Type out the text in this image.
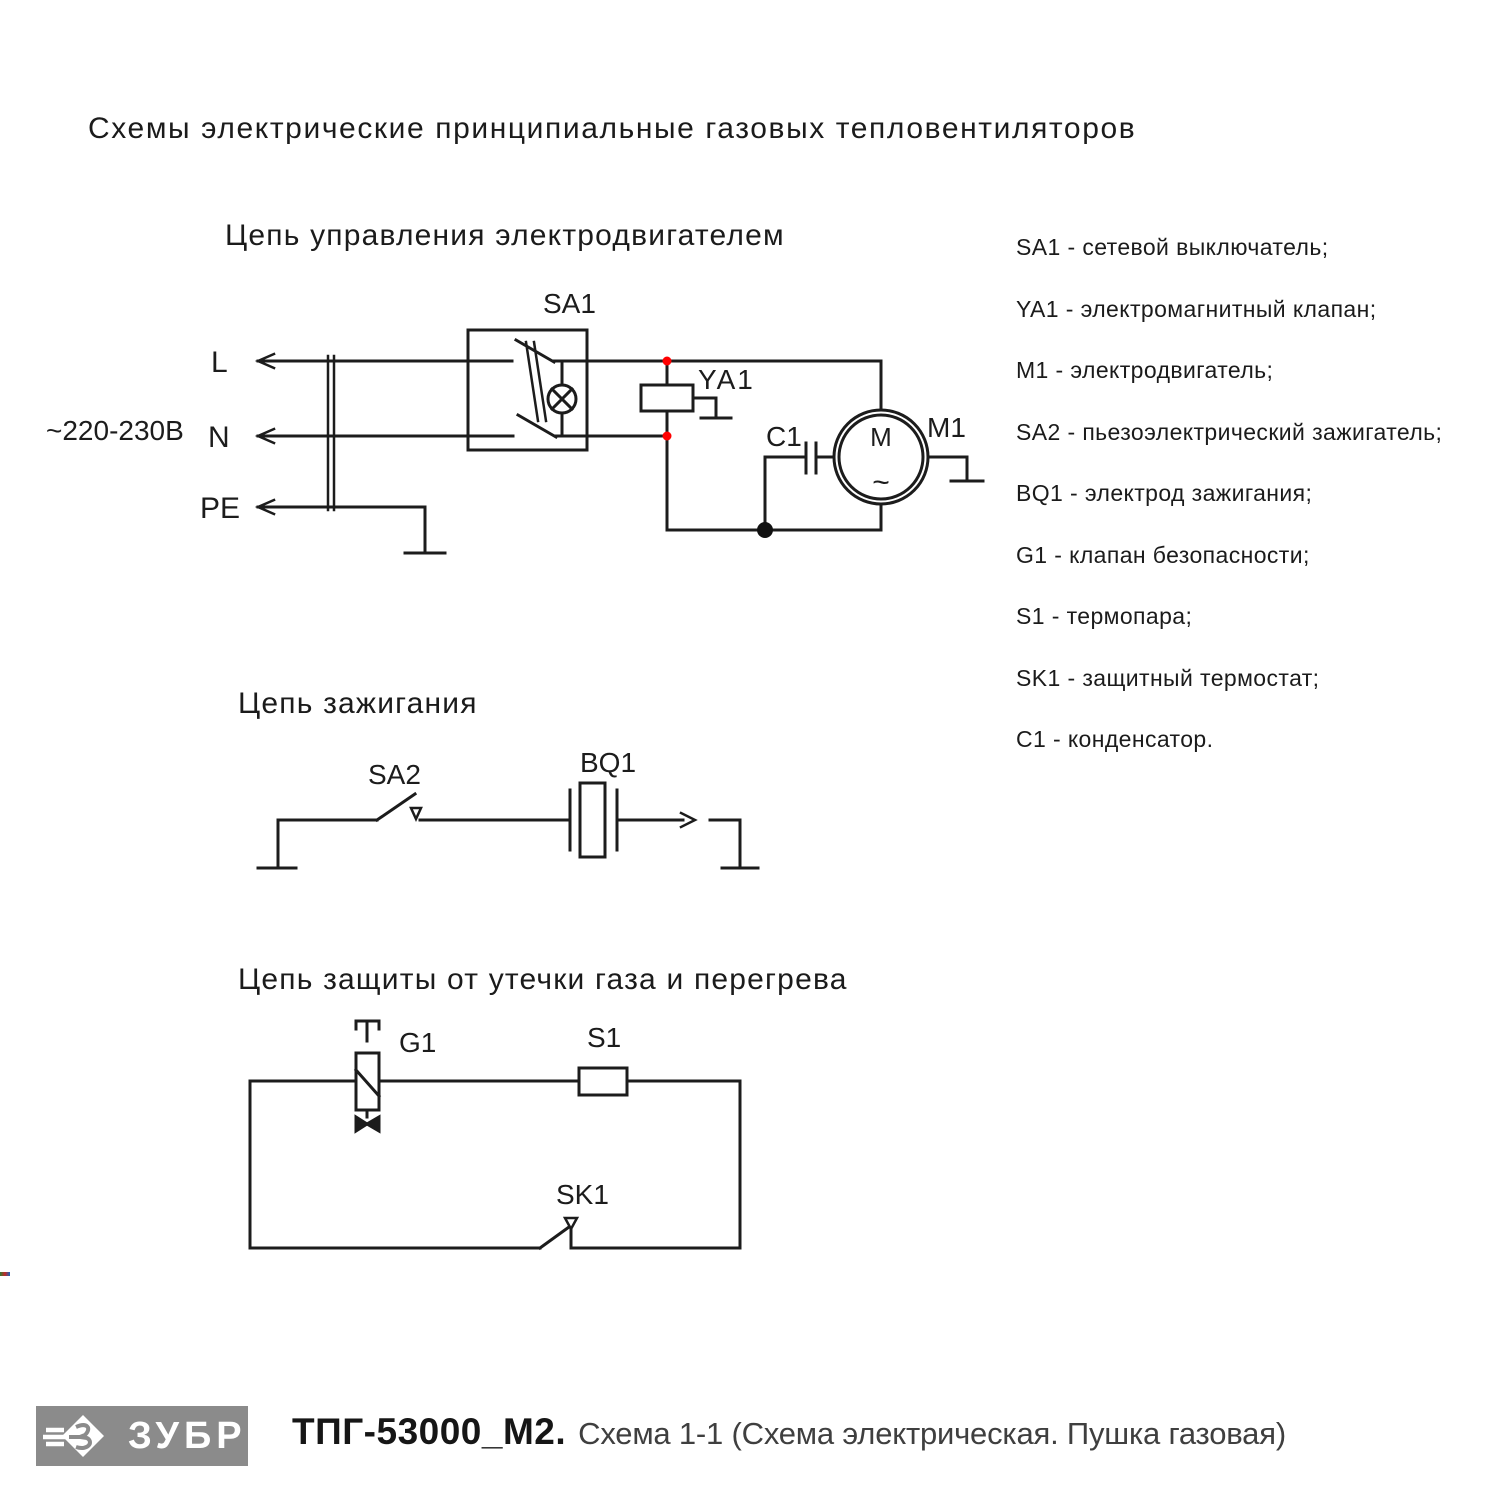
Схемы электрические принципиальные газовых тепловентиляторов
Цепь управления электродвигателем
Цепь зажигания
Цепь защиты от утечки газа и перегрева
SA1 - сетевой выключатель;
YA1 - электромагнитный клапан;
M1 - электродвигатель;
SA2 - пьезоэлектрический зажигатель;
BQ1 - электрод зажигания;
G1 - клапан безопасности;
S1 - термопара;
SK1 - защитный термостат;
C1 - конденсатор.
SA1
YA1
C1	M1
M
~
L
N
PE
~220-230В
SA2	BQ1
G1	S1
SK1
ЗУБР ТПГ-53000_М2. Схема 1-1 (Схема электрическая. Пушка газовая)
